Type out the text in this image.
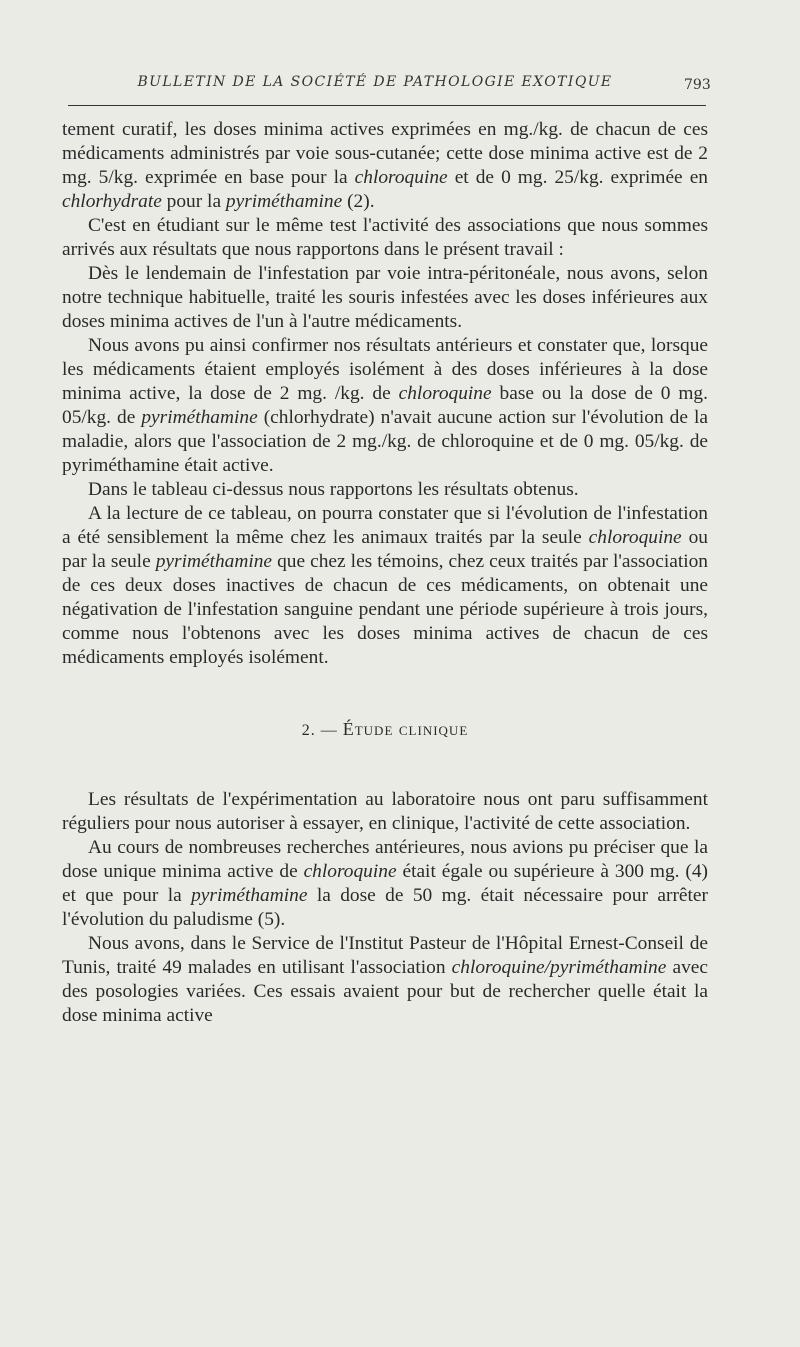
BULLETIN DE LA SOCIÉTÉ DE PATHOLOGIE EXOTIQUE	793

tement curatif, les doses minima actives exprimées en mg./kg. de chacun de ces médicaments administrés par voie sous-cutanée; cette dose minima active est de 2 mg. 5/kg. exprimée en base pour la chloroquine et de 0 mg. 25/kg. exprimée en chlorhydrate pour la pyriméthamine (2).

C'est en étudiant sur le même test l'activité des associations que nous sommes arrivés aux résultats que nous rapportons dans le présent travail :

Dès le lendemain de l'infestation par voie intra-péritonéale, nous avons, selon notre technique habituelle, traité les souris infestées avec les doses inférieures aux doses minima actives de l'un à l'autre médicaments.

Nous avons pu ainsi confirmer nos résultats antérieurs et constater que, lorsque les médicaments étaient employés isolément à des doses inférieures à la dose minima active, la dose de 2 mg. /kg. de chloroquine base ou la dose de 0 mg. 05/kg. de pyriméthamine (chlorhydrate) n'avait aucune action sur l'évolution de la maladie, alors que l'association de 2 mg./kg. de chloroquine et de 0 mg. 05/kg. de pyriméthamine était active.

Dans le tableau ci-dessus nous rapportons les résultats obtenus.

A la lecture de ce tableau, on pourra constater que si l'évolution de l'infestation a été sensiblement la même chez les animaux traités par la seule chloroquine ou par la seule pyriméthamine que chez les témoins, chez ceux traités par l'association de ces deux doses inactives de chacun de ces médicaments, on obtenait une négativation de l'infestation sanguine pendant une période supérieure à trois jours, comme nous l'obtenons avec les doses minima actives de chacun de ces médicaments employés isolément.

2. — Étude clinique

Les résultats de l'expérimentation au laboratoire nous ont paru suffisamment réguliers pour nous autoriser à essayer, en clinique, l'activité de cette association.

Au cours de nombreuses recherches antérieures, nous avions pu préciser que la dose unique minima active de chloroquine était égale ou supérieure à 300 mg. (4) et que pour la pyriméthamine la dose de 50 mg. était nécessaire pour arrêter l'évolution du paludisme (5).

Nous avons, dans le Service de l'Institut Pasteur de l'Hôpital Ernest-Conseil de Tunis, traité 49 malades en utilisant l'association chloroquine/pyriméthamine avec des posologies variées. Ces essais avaient pour but de rechercher quelle était la dose minima active
